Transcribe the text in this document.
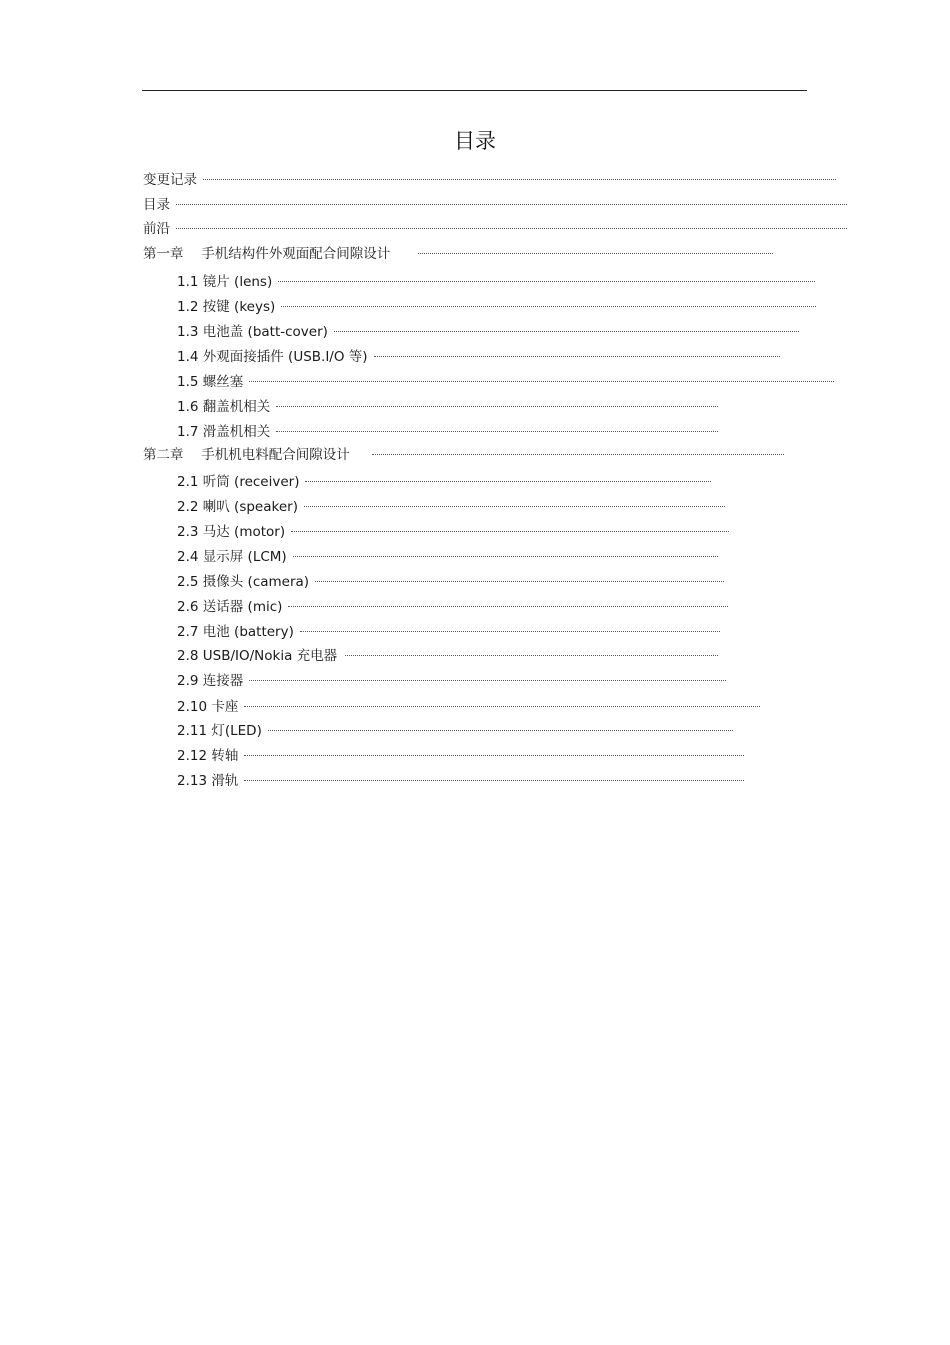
目录
变更记录
目录
前沿
第一章　 手机结构件外观面配合间隙设计
1.1 镜片 (lens)
1.2 按键 (keys)
1.3 电池盖 (batt-cover)
1.4 外观面接插件 (USB.I/O 等)
1.5 螺丝塞
1.6 翻盖机相关
1.7 滑盖机相关
第二章　 手机机电料配合间隙设计
2.1 听筒 (receiver)
2.2 喇叭 (speaker)
2.3 马达 (motor)
2.4 显示屏 (LCM)
2.5 摄像头 (camera)
2.6 送话器 (mic)
2.7 电池 (battery)
2.8 USB/IO/Nokia 充电器
2.9 连接器
2.10 卡座
2.11 灯(LED)
2.12 转轴
2.13 滑轨
